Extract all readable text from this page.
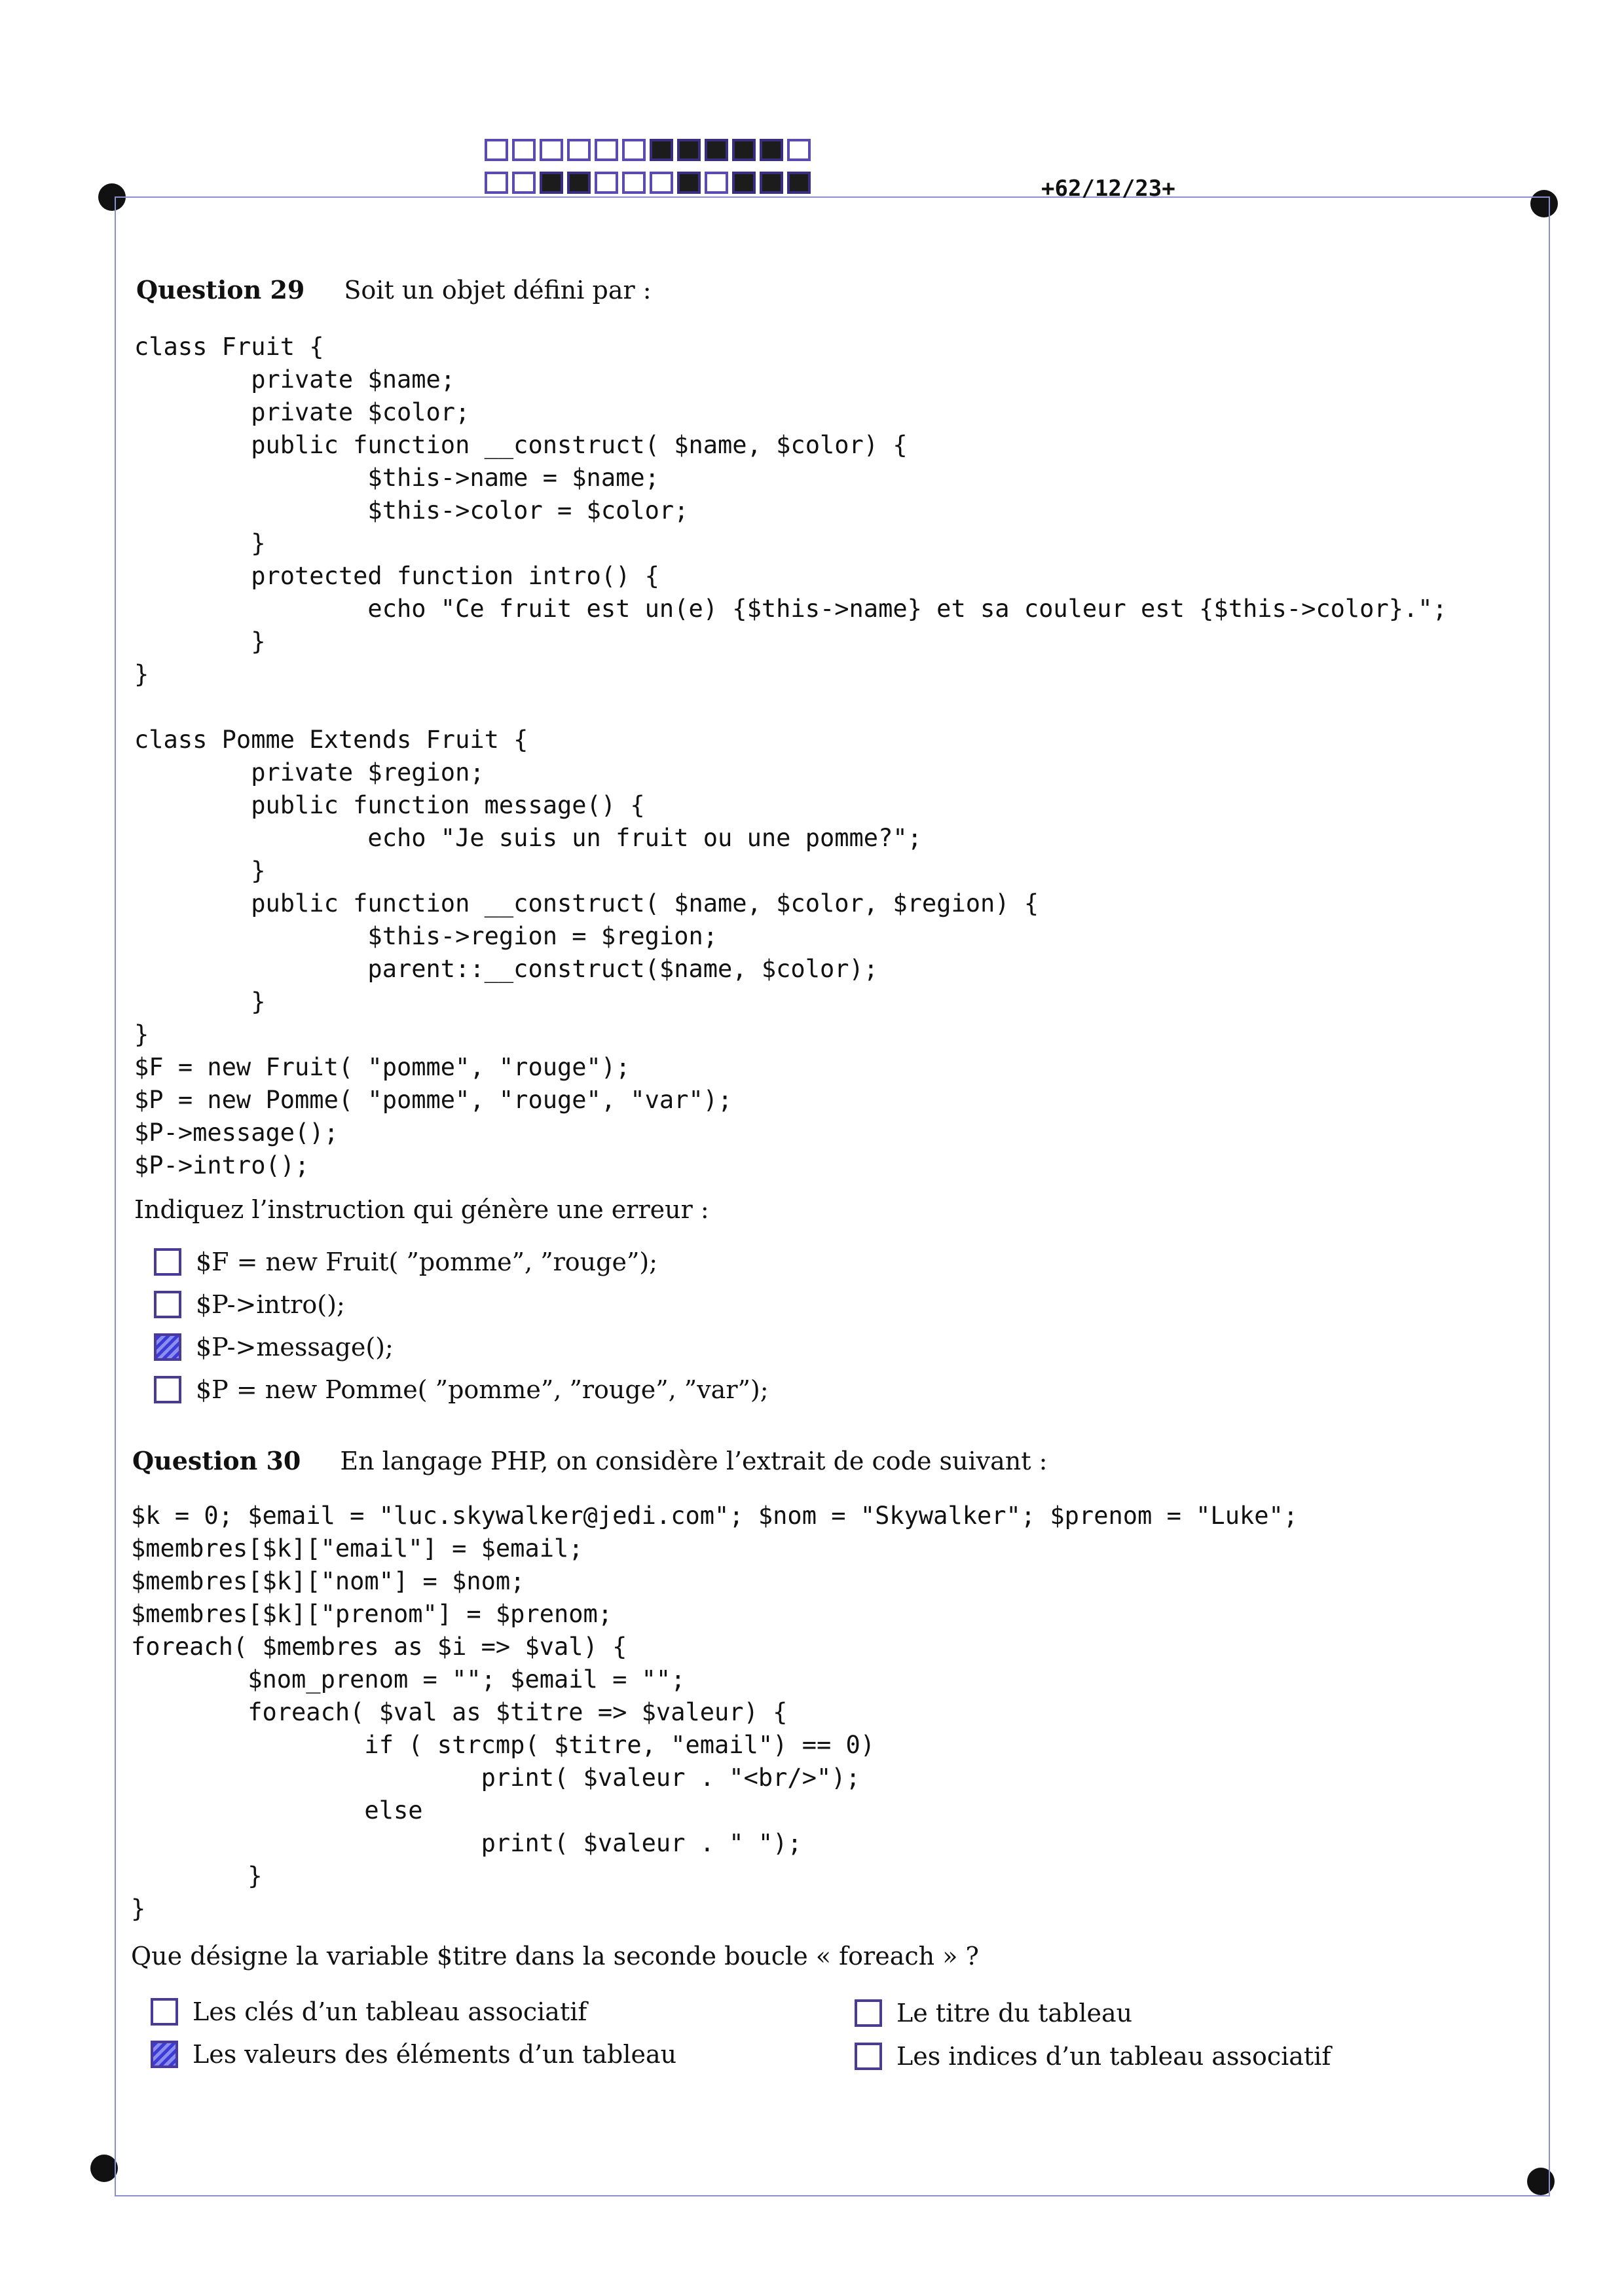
+62/12/23+
Question 29 Soit un objet défini par :
class Fruit {
private $name;
private $color;
public function __construct( $name, $color) {
$this->name = $name;
$this->color = $color;
}
protected function intro() {
echo "Ce fruit est un(e) {$this->name} et sa couleur est {$this->color}.";
}
}

class Pomme Extends Fruit {
private $region;
public function message() {
echo "Je suis un fruit ou une pomme?";
}
public function __construct( $name, $color, $region) {
$this->region = $region;
parent::__construct($name, $color);
}
}
$F = new Fruit( "pomme", "rouge");
$P = new Pomme( "pomme", "rouge", "var");
$P->message();
$P->intro();
Indiquez l’instruction qui génère une erreur :
$F = new Fruit( ”pomme”, ”rouge”);
$P->intro();
$P->message();
$P = new Pomme( ”pomme”, ”rouge”, ”var”);
Question 30 En langage PHP, on considère l’extrait de code suivant :
$k = 0; $email = "luc.skywalker@jedi.com"; $nom = "Skywalker"; $prenom = "Luke";
$membres[$k]["email"] = $email;
$membres[$k]["nom"] = $nom;
$membres[$k]["prenom"] = $prenom;
foreach( $membres as $i => $val) {
$nom_prenom = ""; $email = "";
foreach( $val as $titre => $valeur) {
if ( strcmp( $titre, "email") == 0)
print( $valeur . "<br/>");
else
print( $valeur . " ");
}
}
Que désigne la variable $titre dans la seconde boucle « foreach » ?
Les clés d’un tableau associatif
Les valeurs des éléments d’un tableau
Le titre du tableau
Les indices d’un tableau associatif
